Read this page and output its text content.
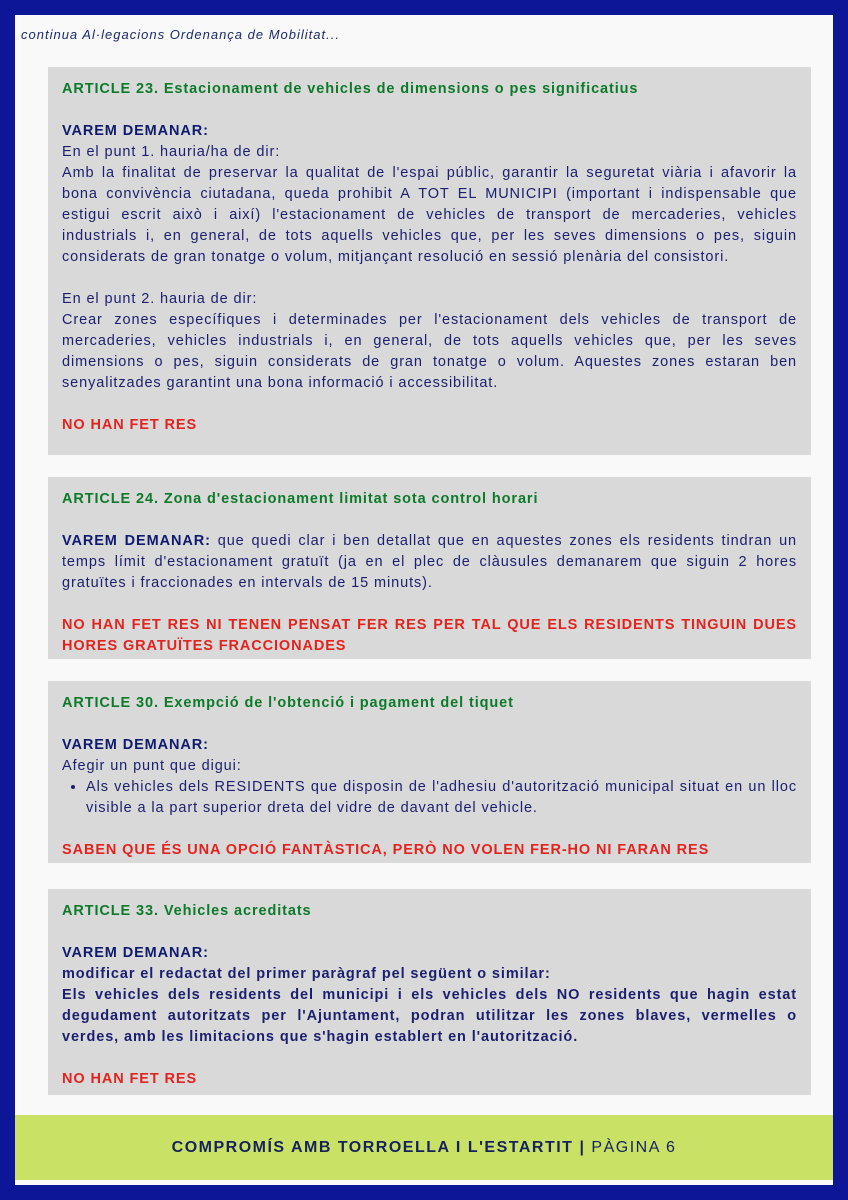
continua Al·legacions Ordenança de Mobilitat...

ARTICLE 23. Estacionament de vehicles de dimensions o pes significatius

VAREM DEMANAR:

En el punt 1. hauria/ha de dir:

Amb la finalitat de preservar la qualitat de l'espai públic, garantir la seguretat viària i afavorir la bona convivència ciutadana, queda prohibit A TOT EL MUNICIPI (important i indispensable que estigui escrit això i així) l'estacionament de vehicles de transport de mercaderies, vehicles industrials i, en general, de tots aquells vehicles que, per les seves dimensions o pes, siguin considerats de gran tonatge o volum, mitjançant resolució en sessió plenària del consistori.

En el punt 2. hauria de dir:

Crear zones específiques i determinades per l'estacionament dels vehicles de transport de mercaderies, vehicles industrials i, en general, de tots aquells vehicles que, per les seves dimensions o pes, siguin considerats de gran tonatge o volum. Aquestes zones estaran ben senyalitzades garantint una bona informació i accessibilitat.

NO HAN FET RES

ARTICLE 24. Zona d'estacionament limitat sota control horari

VAREM DEMANAR: que quedi clar i ben detallat que en aquestes zones els residents tindran un temps límit d'estacionament gratuït (ja en el plec de clàusules demanarem que siguin 2 hores gratuïtes i fraccionades en intervals de 15 minuts).

NO HAN FET RES NI TENEN PENSAT FER RES PER TAL QUE ELS RESIDENTS TINGUIN DUES HORES GRATUÏTES FRACCIONADES

ARTICLE 30. Exempció de l'obtenció i pagament del tiquet

VAREM DEMANAR:

Afegir un punt que digui:

• Als vehicles dels RESIDENTS que disposin de l'adhesiu d'autorització municipal situat en un lloc visible a la part superior dreta del vidre de davant del vehicle.

SABEN QUE ÉS UNA OPCIÓ FANTÀSTICA, PERÒ NO VOLEN FER-HO NI FARAN RES

ARTICLE 33. Vehicles acreditats

VAREM DEMANAR:

modificar el redactat del primer paràgraf pel següent o similar:

Els vehicles dels residents del municipi i els vehicles dels NO residents que hagin estat degudament autoritzats per l'Ajuntament, podran utilitzar les zones blaves, vermelles o verdes, amb les limitacions que s'hagin establert en l'autorització.

NO HAN FET RES

COMPROMÍS AMB TORROELLA I L'ESTARTIT | PÀGINA 6
